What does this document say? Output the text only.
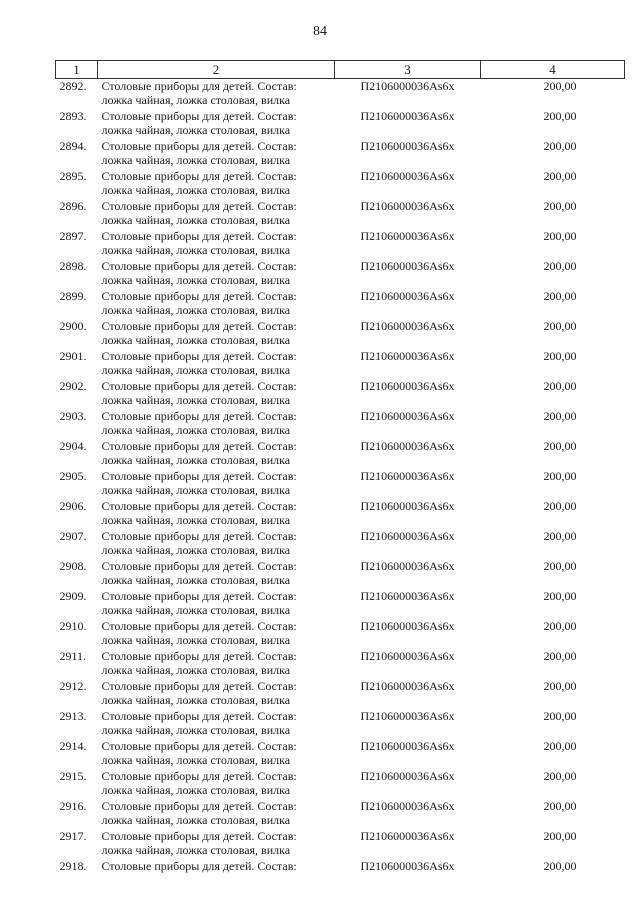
84
1	2	3	4
2892.	Столовые приборы для детей. Состав:
ложка чайная, ложка столовая, вилка	П2106000036Аs6х	200,00
2893.	Столовые приборы для детей. Состав:
ложка чайная, ложка столовая, вилка	П2106000036Аs6х	200,00
2894.	Столовые приборы для детей. Состав:
ложка чайная, ложка столовая, вилка	П2106000036Аs6х	200,00
2895.	Столовые приборы для детей. Состав:
ложка чайная, ложка столовая, вилка	П2106000036Аs6х	200,00
2896.	Столовые приборы для детей. Состав:
ложка чайная, ложка столовая, вилка	П2106000036Аs6х	200,00
2897.	Столовые приборы для детей. Состав:
ложка чайная, ложка столовая, вилка	П2106000036Аs6х	200,00
2898.	Столовые приборы для детей. Состав:
ложка чайная, ложка столовая, вилка	П2106000036Аs6х	200,00
2899.	Столовые приборы для детей. Состав:
ложка чайная, ложка столовая, вилка	П2106000036Аs6х	200,00
2900.	Столовые приборы для детей. Состав:
ложка чайная, ложка столовая, вилка	П2106000036Аs6х	200,00
2901.	Столовые приборы для детей. Состав:
ложка чайная, ложка столовая, вилка	П2106000036Аs6х	200,00
2902.	Столовые приборы для детей. Состав:
ложка чайная, ложка столовая, вилка	П2106000036Аs6х	200,00
2903.	Столовые приборы для детей. Состав:
ложка чайная, ложка столовая, вилка	П2106000036Аs6х	200,00
2904.	Столовые приборы для детей. Состав:
ложка чайная, ложка столовая, вилка	П2106000036Аs6х	200,00
2905.	Столовые приборы для детей. Состав:
ложка чайная, ложка столовая, вилка	П2106000036Аs6х	200,00
2906.	Столовые приборы для детей. Состав:
ложка чайная, ложка столовая, вилка	П2106000036Аs6х	200,00
2907.	Столовые приборы для детей. Состав:
ложка чайная, ложка столовая, вилка	П2106000036Аs6х	200,00
2908.	Столовые приборы для детей. Состав:
ложка чайная, ложка столовая, вилка	П2106000036Аs6х	200,00
2909.	Столовые приборы для детей. Состав:
ложка чайная, ложка столовая, вилка	П2106000036Аs6х	200,00
2910.	Столовые приборы для детей. Состав:
ложка чайная, ложка столовая, вилка	П2106000036Аs6х	200,00
2911.	Столовые приборы для детей. Состав:
ложка чайная, ложка столовая, вилка	П2106000036Аs6х	200,00
2912.	Столовые приборы для детей. Состав:
ложка чайная, ложка столовая, вилка	П2106000036Аs6х	200,00
2913.	Столовые приборы для детей. Состав:
ложка чайная, ложка столовая, вилка	П2106000036Аs6х	200,00
2914.	Столовые приборы для детей. Состав:
ложка чайная, ложка столовая, вилка	П2106000036Аs6х	200,00
2915.	Столовые приборы для детей. Состав:
ложка чайная, ложка столовая, вилка	П2106000036Аs6х	200,00
2916.	Столовые приборы для детей. Состав:
ложка чайная, ложка столовая, вилка	П2106000036Аs6х	200,00
2917.	Столовые приборы для детей. Состав:
ложка чайная, ложка столовая, вилка	П2106000036Аs6х	200,00
2918.	Столовые приборы для детей. Состав:	П2106000036Аs6х	200,00
